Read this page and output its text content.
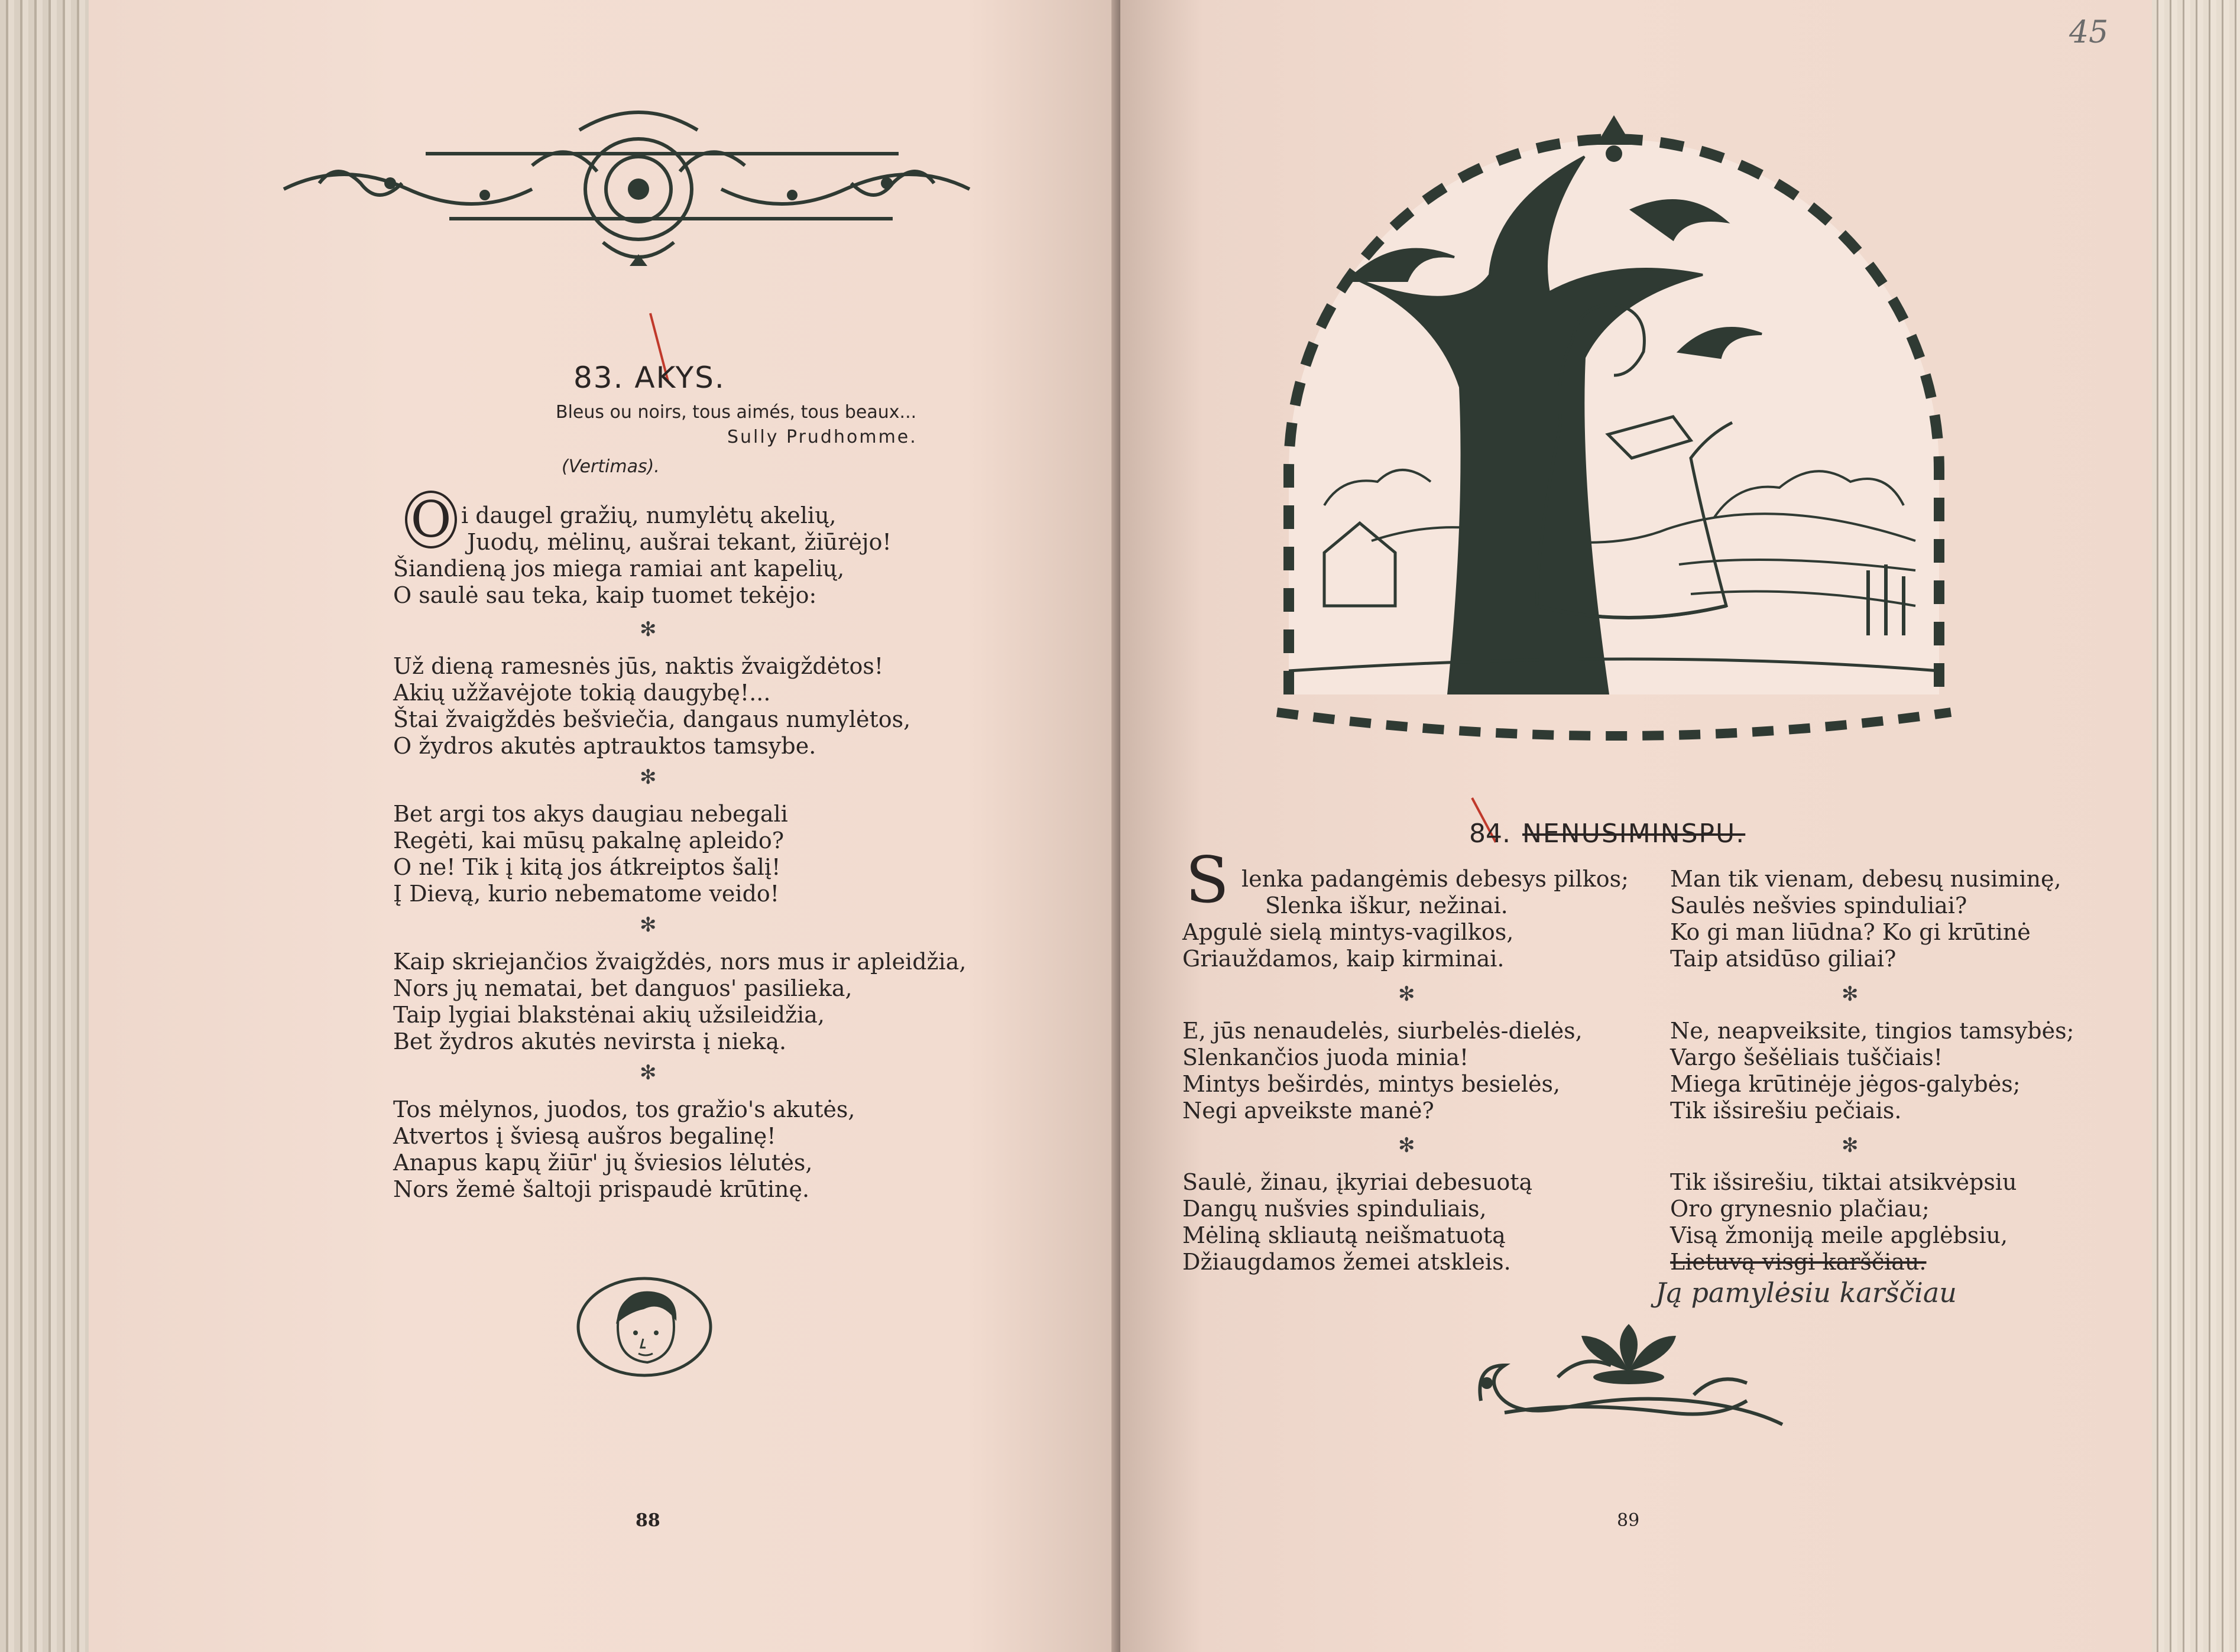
83. AKYS.
Bleus ou noirs, tous aimés, tous beaux...
Sully Prudhomme.
(Vertimas).
O i daugel gražių, numylėtų akelių,
Juodų, mėlinų, aušrai tekant, žiūrėjo!
Šiandieną jos miega ramiai ant kapelių,
O saulė sau teka, kaip tuomet tekėjo:
✻
Už dieną ramesnės jūs, naktis žvaigždėtos!
Akių užžavėjote tokią daugybę!...
Štai žvaigždės bešviečia, dangaus numylėtos,
O žydros akutės aptrauktos tamsybe.
✻
Bet argi tos akys daugiau nebegali
Regėti, kai mūsų pakalnę apleido?
O ne! Tik į kitą jos átkreiptos šalį!
Į Dievą, kurio nebematome veido!
✻
Kaip skriejančios žvaigždės, nors mus ir apleidžia,
Nors jų nematai, bet danguos' pasilieka,
Taip lygiai blakstėnai akių užsileidžia,
Bet žydros akutės nevirsta į nieką.
✻
Tos mėlynos, juodos, tos gražio's akutės,
Atvertos į šviesą aušros begalinę!
Anapus kapų žiūr' jų šviesios lėlutės,
Nors žemė šaltoji prispaudė krūtinę.
88
45
84. NENUSIMINSPU.
S lenka padangėmis debesys pilkos;
Slenka iškur, nežinai.
Apgulė sielą mintys-vagilkos,
Griauždamos, kaip kirminai.
✻
E, jūs nenaudelės, siurbelės-dielės,
Slenkančios juoda minia!
Mintys beširdės, mintys besielės,
Negi apveikste manė?
✻
Saulė, žinau, įkyriai debesuotą
Dangų nušvies spinduliais,
Mėliną skliautą neišmatuotą
Džiaugdamos žemei atskleis.
Man tik vienam, debesų nusiminę,
Saulės nešvies spinduliai?
Ko gi man liūdna? Ko gi krūtinė
Taip atsidūso giliai?
✻
Ne, neapveiksite, tingios tamsybės;
Vargo šešėliais tuščiais!
Miega krūtinėje jėgos-galybės;
Tik išsirešiu pečiais.
✻
Tik išsirešiu, tiktai atsikvėpsiu
Oro grynesnio plačiau;
Visą žmoniją meile apglėbsiu,
Lietuvą visgi karščiau.
Ją pamylėsiu karščiau
89
